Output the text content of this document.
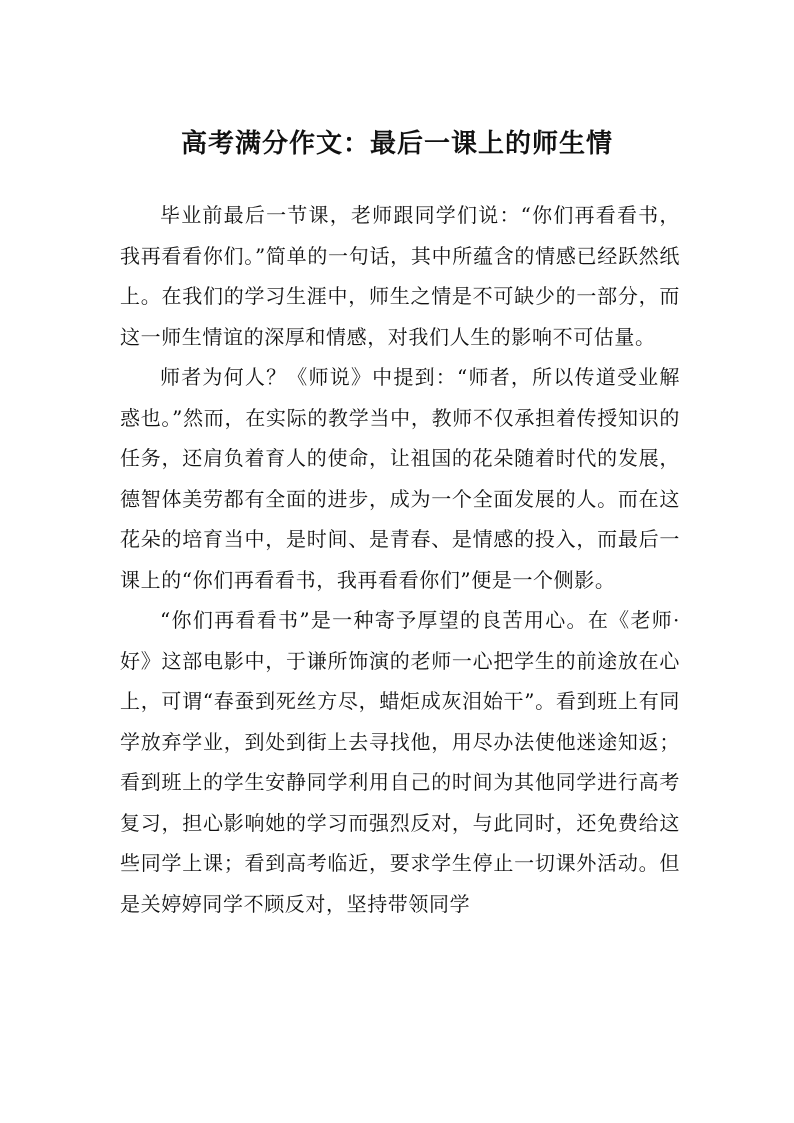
高考满分作文：最后一课上的师生情

毕业前最后一节课，老师跟同学们说：“你们再看看书，我再看看你们。”简单的一句话，其中所蕴含的情感已经跃然纸上。在我们的学习生涯中，师生之情是不可缺少的一部分，而这一师生情谊的深厚和情感，对我们人生的影响不可估量。

师者为何人？《师说》中提到：“师者，所以传道受业解惑也。”然而，在实际的教学当中，教师不仅承担着传授知识的任务，还肩负着育人的使命，让祖国的花朵随着时代的发展，德智体美劳都有全面的进步，成为一个全面发展的人。而在这花朵的培育当中，是时间、是青春、是情感的投入，而最后一课上的“你们再看看书，我再看看你们”便是一个侧影。

“你们再看看书”是一种寄予厚望的良苦用心。在《老师·好》这部电影中，于谦所饰演的老师一心把学生的前途放在心上，可谓“春蚕到死丝方尽，蜡炬成灰泪始干”。看到班上有同学放弃学业，到处到街上去寻找他，用尽办法使他迷途知返；看到班上的学生安静同学利用自己的时间为其他同学进行高考复习，担心影响她的学习而强烈反对，与此同时，还免费给这些同学上课；看到高考临近，要求学生停止一切课外活动。但是关婷婷同学不顾反对，坚持带领同学
